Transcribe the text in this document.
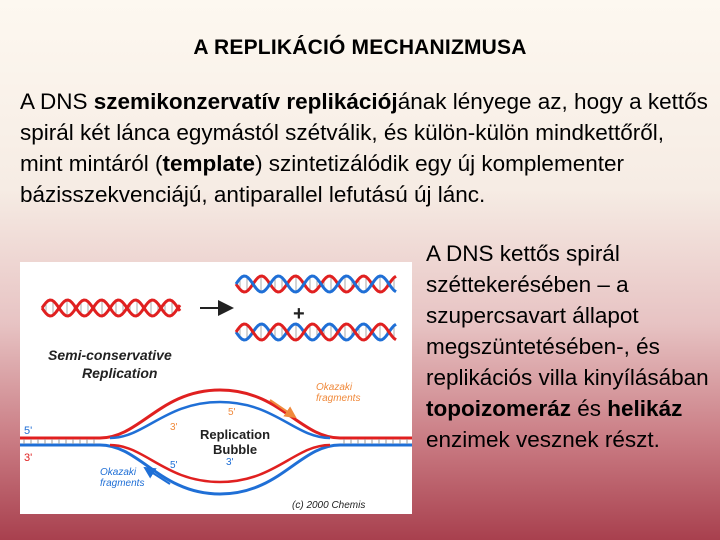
A REPLIKÁCIÓ MECHANIZMUSA
A DNS szemikonzervatív replikációjának lényege az, hogy a kettős spirál két lánca egymástól szétválik, és külön-külön mindkettőről, mint mintáról (template) szintetizálódik egy új komplementer bázisszekvenciájú, antiparallel lefutású új lánc.
A DNS kettős spirál széttekerésében – a szupercsavart állapot megszüntetésében-, és replikációs villa kinyílásában topoizomeráz és helikáz enzimek vesznek részt.
+
Semi-conservative
Replication
Okazaki
fragments
Okazaki
fragments
Replication
Bubble
5'
3'
5'
3'
5'	3'
(c) 2000 Chemis
